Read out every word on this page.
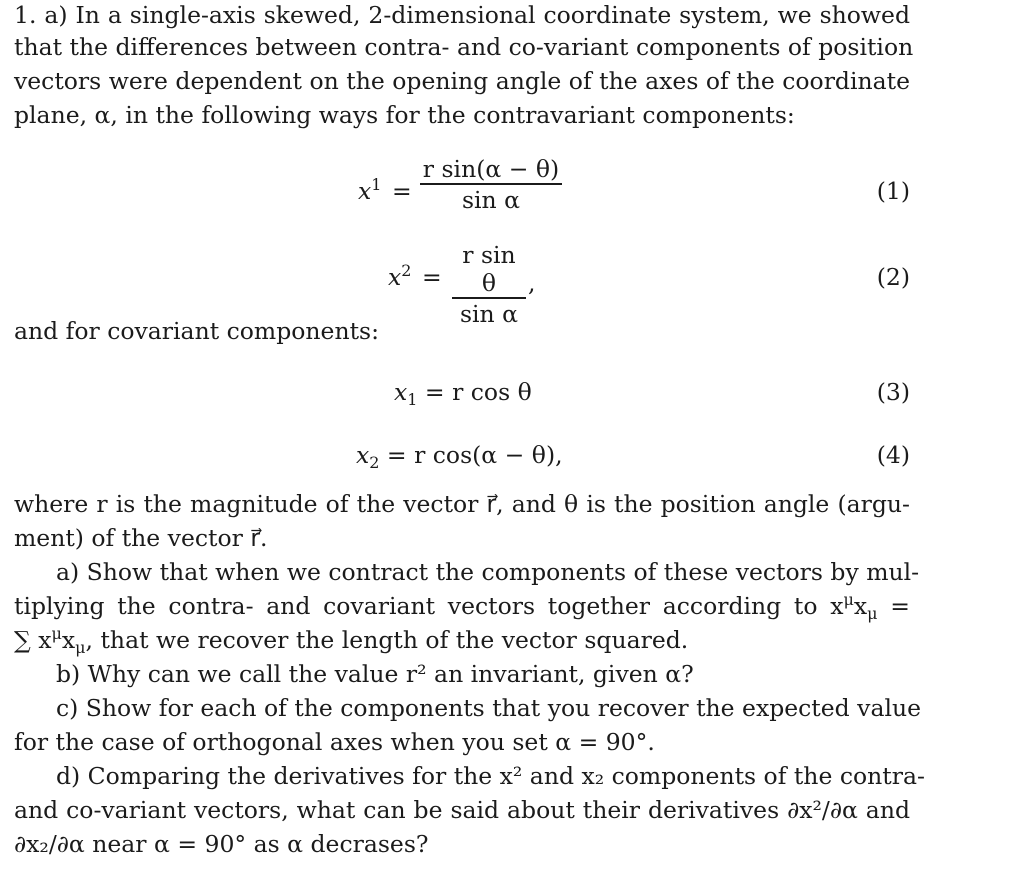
1. a) In a single-axis skewed, 2-dimensional coordinate system, we showed
that the differences between contra- and co-variant components of position
vectors were dependent on the opening angle of the axes of the coordinate
plane, α, in the following ways for the contravariant components:
$x^1$ =
r sin(α − θ)
sin α	(1)
$x^2$ =
r sin θ
sin α
,	(2)
and for covariant components:
$x_1 = r$ cos θ	(3)
$x_2 = r$ cos(α − θ),	(4)
where r is the magnitude of the vector r⃗, and θ is the position angle (argu-
ment) of the vector r⃗.
a) Show that when we contract the components of these vectors by mul-
tiplying the contra- and covariant vectors together according to $x^\mu x_\mu$ =
∑ $x^\mu x_\mu$, that we recover the length of the vector squared.
b) Why can we call the value r² an invariant, given α?
c) Show for each of the components that you recover the expected value
for the case of orthogonal axes when you set α = 90°.
d) Comparing the derivatives for the x² and x₂ components of the contra-
and co-variant vectors, what can be said about their derivatives ∂x²/∂α and
∂x₂/∂α near α = 90° as α decrases?
